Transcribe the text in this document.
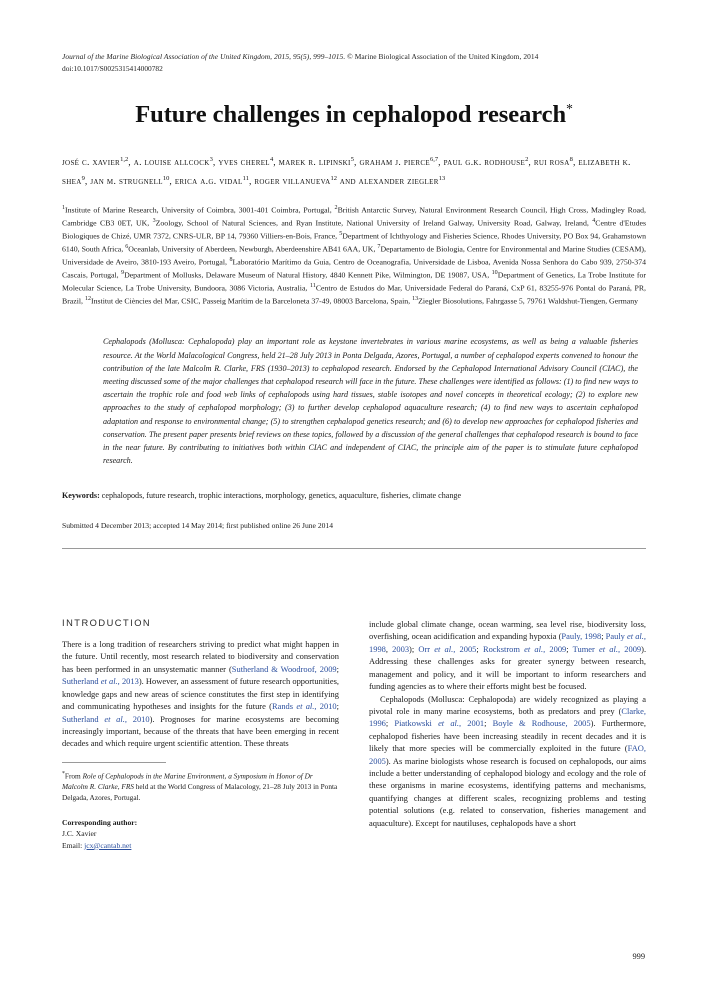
Journal of the Marine Biological Association of the United Kingdom, 2015, 95(5), 999–1015. © Marine Biological Association of the United Kingdom, 2014
doi:10.1017/S0025315414000782
Future challenges in cephalopod research*
josé c. xavier$^{1,2}$, a. louise allcock$^3$, yves cherel$^4$, marek r. lipinski$^5$, graham j. pierce$^{6,7}$, paul g.k. rodhouse$^2$, rui rosa$^8$, elizabeth k. shea$^9$, jan m. strugnell$^{10}$, erica a.g. vidal$^{11}$, roger villanueva$^{12}$ and alexander ziegler$^{13}$
$^1$Institute of Marine Research, University of Coimbra, 3001-401 Coimbra, Portugal, $^2$British Antarctic Survey, Natural Environment Research Council, High Cross, Madingley Road, Cambridge CB3 0ET, UK, $^3$Zoology, School of Natural Sciences, and Ryan Institute, National University of Ireland Galway, University Road, Galway, Ireland, $^4$Centre d'Etudes Biologiques de Chizé, UMR 7372, CNRS-ULR, BP 14, 79360 Villiers-en-Bois, France, $^5$Department of Ichthyology and Fisheries Science, Rhodes University, PO Box 94, Grahamstown 6140, South Africa, $^6$Oceanlab, University of Aberdeen, Newburgh, Aberdeenshire AB41 6AA, UK, $^7$Departamento de Biologia, Centre for Environmental and Marine Studies (CESAM), Universidade de Aveiro, 3810-193 Aveiro, Portugal, $^8$Laboratório Marítimo da Guia, Centro de Oceanografia, Universidade de Lisboa, Avenida Nossa Senhora do Cabo 939, 2750-374 Cascais, Portugal, $^9$Department of Mollusks, Delaware Museum of Natural History, 4840 Kennett Pike, Wilmington, DE 19087, USA, $^{10}$Department of Genetics, La Trobe Institute for Molecular Science, La Trobe University, Bundoora, 3086 Victoria, Australia, $^{11}$Centro de Estudos do Mar, Universidade Federal do Paraná, CxP 61, 83255-976 Pontal do Paraná, PR, Brazil, $^{12}$Institut de Ciències del Mar, CSIC, Passeig Marítim de la Barceloneta 37-49, 08003 Barcelona, Spain, $^{13}$Ziegler Biosolutions, Fahrgasse 5, 79761 Waldshut-Tiengen, Germany
Cephalopods (Mollusca: Cephalopoda) play an important role as keystone invertebrates in various marine ecosystems, as well as being a valuable fisheries resource. At the World Malacological Congress, held 21–28 July 2013 in Ponta Delgada, Azores, Portugal, a number of cephalopod experts convened to honour the contribution of the late Malcolm R. Clarke, FRS (1930–2013) to cephalopod research. Endorsed by the Cephalopod International Advisory Council (CIAC), the meeting discussed some of the major challenges that cephalopod research will face in the future. These challenges were identified as follows: (1) to find new ways to ascertain the trophic role and food web links of cephalopods using hard tissues, stable isotopes and novel concepts in theoretical ecology; (2) to explore new approaches to the study of cephalopod morphology; (3) to further develop cephalopod aquaculture research; (4) to find new ways to ascertain cephalopod adaptation and response to environmental change; (5) to strengthen cephalopod genetics research; and (6) to develop new approaches for cephalopod fisheries and conservation. The present paper presents brief reviews on these topics, followed by a discussion of the general challenges that cephalopod research is bound to face in the near future. By contributing to initiatives both within CIAC and independent of CIAC, the principle aim of the paper is to stimulate future cephalopod research.
Keywords: cephalopods, future research, trophic interactions, morphology, genetics, aquaculture, fisheries, climate change
Submitted 4 December 2013; accepted 14 May 2014; first published online 26 June 2014
INTRODUCTION

There is a long tradition of researchers striving to predict what might happen in the future. Until recently, most research related to biodiversity and conservation has been performed in an unsystematic manner (Sutherland & Woodroof, 2009; Sutherland et al., 2013). However, an assessment of future research opportunities, knowledge gaps and new areas of science constitutes the first step in identifying and communicating hypotheses and insights for the future (Rands et al., 2010; Sutherland et al., 2010). Prognoses for marine ecosystems are becoming increasingly important, because of the threats that have been emerging in recent decades and which require urgent scientific attention. These threats

*From Role of Cephalopods in the Marine Environment, a Symposium in Honor of Dr Malcolm R. Clarke, FRS held at the World Congress of Malacology, 21–28 July 2013 in Ponta Delgada, Azores, Portugal.
Corresponding author:
J.C. Xavier
Email: jcx@cantab.net

include global climate change, ocean warming, sea level rise, biodiversity loss, overfishing, ocean acidification and expanding hypoxia (Pauly, 1998; Pauly et al., 1998, 2003); Orr et al., 2005; Rockstrom et al., 2009; Tumer et al., 2009). Addressing these challenges asks for greater synergy between research, management and policy, and it will be important to inform researchers and funding agencies as to where their efforts might best be focused.

Cephalopods (Mollusca: Cephalopoda) are widely recognized as playing a pivotal role in many marine ecosystems, both as predators and prey (Clarke, 1996; Piatkowski et al., 2001; Boyle & Rodhouse, 2005). Furthermore, cephalopod fisheries have been increasing steadily in recent decades and it is likely that more species will be commercially exploited in the future (FAO, 2005). As marine biologists whose research is focused on cephalopods, our aims include a better understanding of cephalopod biology and ecology and the role of these organisms in marine ecosystems, identifying patterns and mechanisms, quantifying changes at different scales, recognizing problems and testing potential solutions (e.g. related to conservation, fisheries management and aquaculture). Except for nautiluses, cephalopods have a short

999
